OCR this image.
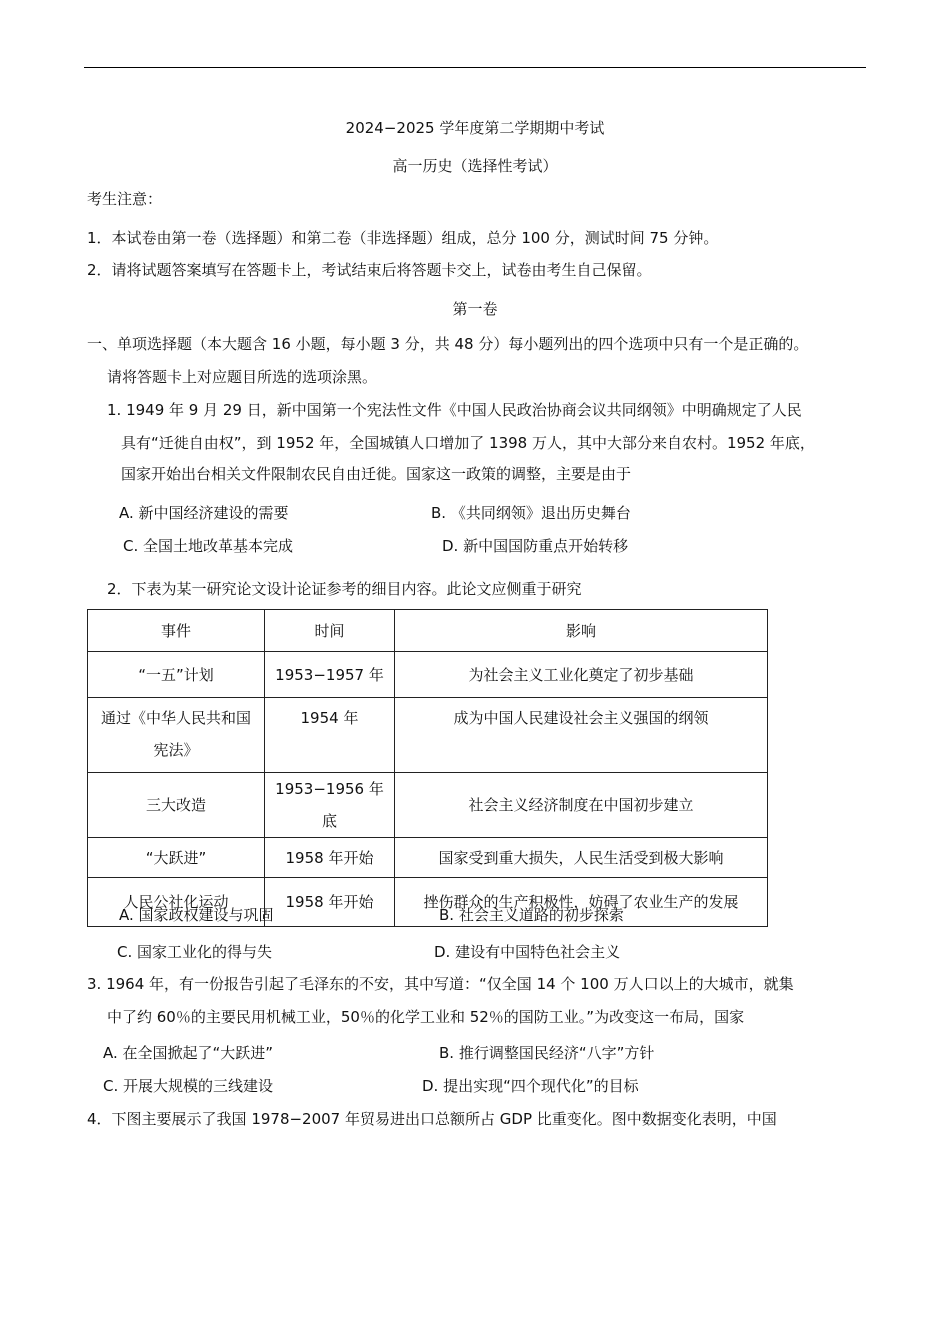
2024−2025 学年度第二学期期中考试
高一历史（选择性考试）
考生注意：
1．本试卷由第一卷（选择题）和第二卷（非选择题）组成，总分 100 分，测试时间 75 分钟。
2．请将试题答案填写在答题卡上，考试结束后将答题卡交上，试卷由考生自己保留。
第一卷
一、单项选择题（本大题含 16 小题，每小题 3 分，共 48 分）每小题列出的四个选项中只有一个是正确的。
请将答题卡上对应题目所选的选项涂黑。
1. 1949 年 9 月 29 日，新中国第一个宪法性文件《中国人民政治协商会议共同纲领》中明确规定了人民
具有“迁徙自由权”，到 1952 年，全国城镇人口增加了 1398 万人，其中大部分来自农村。1952 年底，
国家开始出台相关文件限制农民自由迁徙。国家这一政策的调整，主要是由于
A. 新中国经济建设的需要	B. 《共同纲领》退出历史舞台
C. 全国土地改革基本完成	D. 新中国国防重点开始转移
2．下表为某一研究论文设计论证参考的细目内容。此论文应侧重于研究
事件	时间	影响
“一五”计划	1953−1957 年	为社会主义工业化奠定了初步基础

通过《中华人民共和国
宪法》	1954 年	成为中国人民建设社会主义强国的纲领
三大改造	1953−1956 年底	社会主义经济制度在中国初步建立
“大跃进”	1958 年开始	国家受到重大损失，人民生活受到极大影响
人民公社化运动	1958 年开始	挫伤群众的生产积极性，妨碍了农业生产的发展
A. 国家政权建设与巩固	B. 社会主义道路的初步探索
C. 国家工业化的得与失	D. 建设有中国特色社会主义
3. 1964 年，有一份报告引起了毛泽东的不安，其中写道：“仅全国 14 个 100 万人口以上的大城市，就集
中了约 60％的主要民用机械工业，50％的化学工业和 52％的国防工业。”为改变这一布局，国家
A. 在全国掀起了“大跃进”	B. 推行调整国民经济“八字”方针
C. 开展大规模的三线建设	D. 提出实现“四个现代化”的目标
4．下图主要展示了我国 1978−2007 年贸易进出口总额所占 GDP 比重变化。图中数据变化表明，中国
